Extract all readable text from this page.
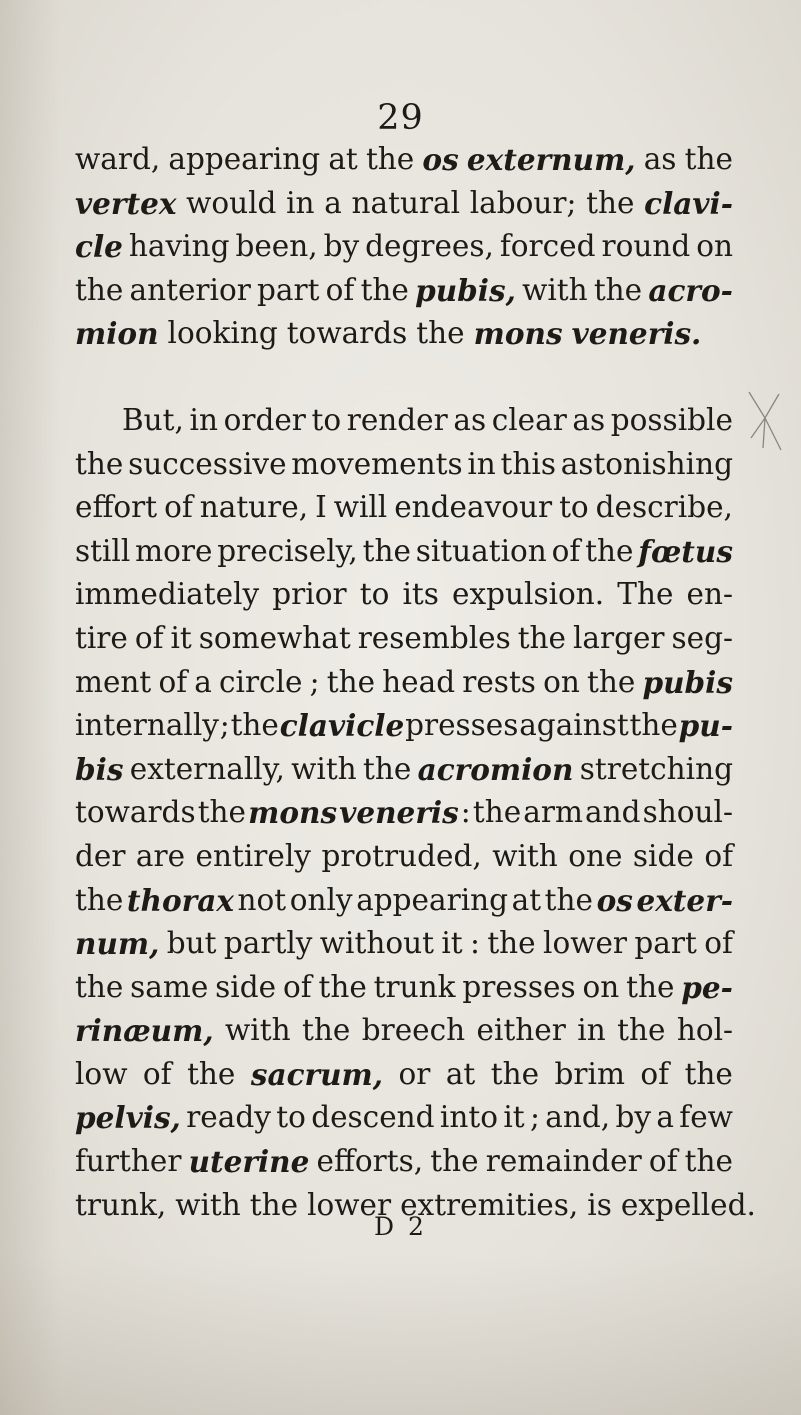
29
ward, appearing at the os externum, as the
vertex would in a natural labour; the clavi-
cle having been, by degrees, forced round on
the anterior part of the pubis, with the acro-
mion looking towards the mons veneris.
But, in order to render as clear as possible
the successive movements in this astonishing
effort of nature, I will endeavour to describe,
still more precisely, the situation of the fœtus
immediately prior to its expulsion. The en-
tire of it somewhat resembles the larger seg-
ment of a circle ; the head rests on the pubis
internally ; the clavicle presses against the pu-
bis externally, with the acromion stretching
towards the mons veneris : the arm and shoul-
der are entirely protruded, with one side of
the thorax not only appearing at the os exter-
num, but partly without it : the lower part of
the same side of the trunk presses on the pe-
rinæum, with the breech either in the hol-
low of the sacrum, or at the brim of the
pelvis, ready to descend into it ; and, by a few
further uterine efforts, the remainder of the
trunk, with the lower extremities, is expelled.
D 2
